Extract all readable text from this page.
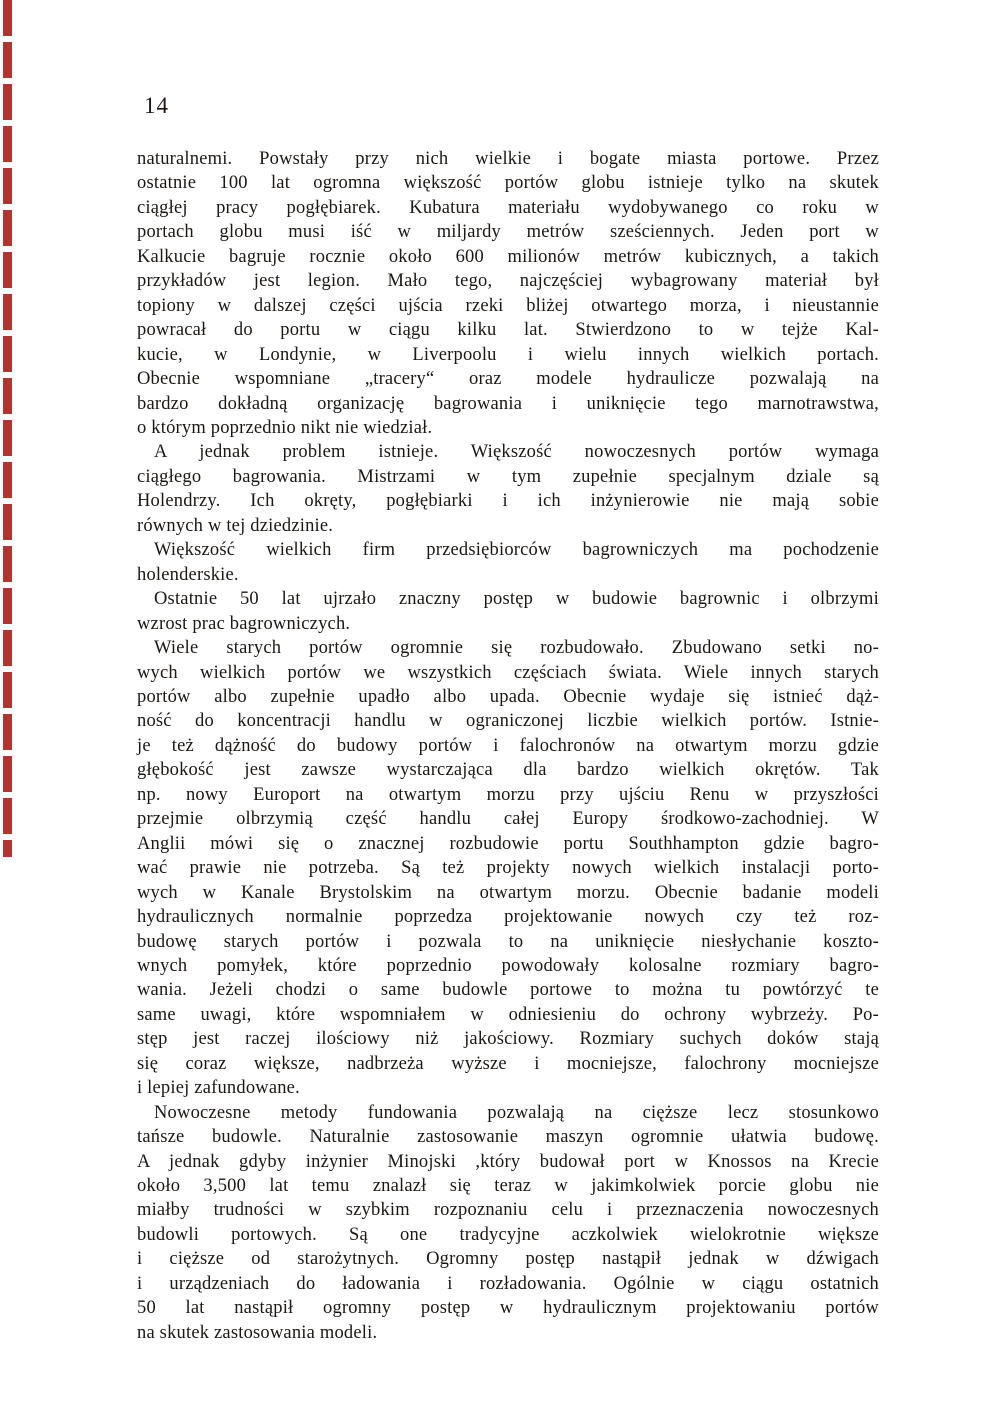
14
naturalnemi. Powstały przy nich wielkie i bogate miasta portowe. Przez
ostatnie 100 lat ogromna większość portów globu istnieje tylko na skutek
ciągłej pracy pogłębiarek. Kubatura materiału wydobywanego co roku w
portach globu musi iść w miljardy metrów sześciennych. Jeden port w
Kalkucie bagruje rocznie około 600 milionów metrów kubicznych, a takich
przykładów jest legion. Mało tego, najczęściej wybagrowany materiał był
topiony w dalszej części ujścia rzeki bliżej otwartego morza, i nieustannie
powracał do portu w ciągu kilku lat. Stwierdzono to w tejże Kal-
kucie, w Londynie, w Liverpoolu i wielu innych wielkich portach.
Obecnie wspomniane „tracery“ oraz modele hydraulicze pozwalają na
bardzo dokładną organizację bagrowania i uniknięcie tego marnotrawstwa,
o którym poprzednio nikt nie wiedział.
A jednak problem istnieje. Większość nowoczesnych portów wymaga
ciągłego bagrowania. Mistrzami w tym zupełnie specjalnym dziale są
Holendrzy. Ich okręty, pogłębiarki i ich inżynierowie nie mają sobie
równych w tej dziedzinie.
Większość wielkich firm przedsiębiorców bagrowniczych ma pochodzenie
holenderskie.
Ostatnie 50 lat ujrzało znaczny postęp w budowie bagrownic i olbrzymi
wzrost prac bagrowniczych.
Wiele starych portów ogromnie się rozbudowało. Zbudowano setki no-
wych wielkich portów we wszystkich częściach świata. Wiele innych starych
portów albo zupełnie upadło albo upada. Obecnie wydaje się istnieć dąż-
ność do koncentracji handlu w ograniczonej liczbie wielkich portów. Istnie-
je też dążność do budowy portów i falochronów na otwartym morzu gdzie
głębokość jest zawsze wystarczająca dla bardzo wielkich okrętów. Tak
np. nowy Europort na otwartym morzu przy ujściu Renu w przyszłości
przejmie olbrzymią część handlu całej Europy środkowo-zachodniej. W
Anglii mówi się o znacznej rozbudowie portu Southhampton gdzie bagro-
wać prawie nie potrzeba. Są też projekty nowych wielkich instalacji porto-
wych w Kanale Brystolskim na otwartym morzu. Obecnie badanie modeli
hydraulicznych normalnie poprzedza projektowanie nowych czy też roz-
budowę starych portów i pozwala to na uniknięcie niesłychanie koszto-
wnych pomyłek, które poprzednio powodowały kolosalne rozmiary bagro-
wania. Jeżeli chodzi o same budowle portowe to można tu powtórzyć te
same uwagi, które wspomniałem w odniesieniu do ochrony wybrzeży. Po-
stęp jest raczej ilościowy niż jakościowy. Rozmiary suchych doków stają
się coraz większe, nadbrzeża wyższe i mocniejsze, falochrony mocniejsze
i lepiej zafundowane.
Nowoczesne metody fundowania pozwalają na cięższe lecz stosunkowo
tańsze budowle. Naturalnie zastosowanie maszyn ogromnie ułatwia budowę.
A jednak gdyby inżynier Minojski ,który budował port w Knossos na Krecie
około 3,500 lat temu znalazł się teraz w jakimkolwiek porcie globu nie
miałby trudności w szybkim rozpoznaniu celu i przeznaczenia nowoczesnych
budowli portowych. Są one tradycyjne aczkolwiek wielokrotnie większe
i cięższe od starożytnych. Ogromny postęp nastąpił jednak w dźwigach
i urządzeniach do ładowania i rozładowania. Ogólnie w ciągu ostatnich
50 lat nastąpił ogromny postęp w hydraulicznym projektowaniu portów
na skutek zastosowania modeli.
